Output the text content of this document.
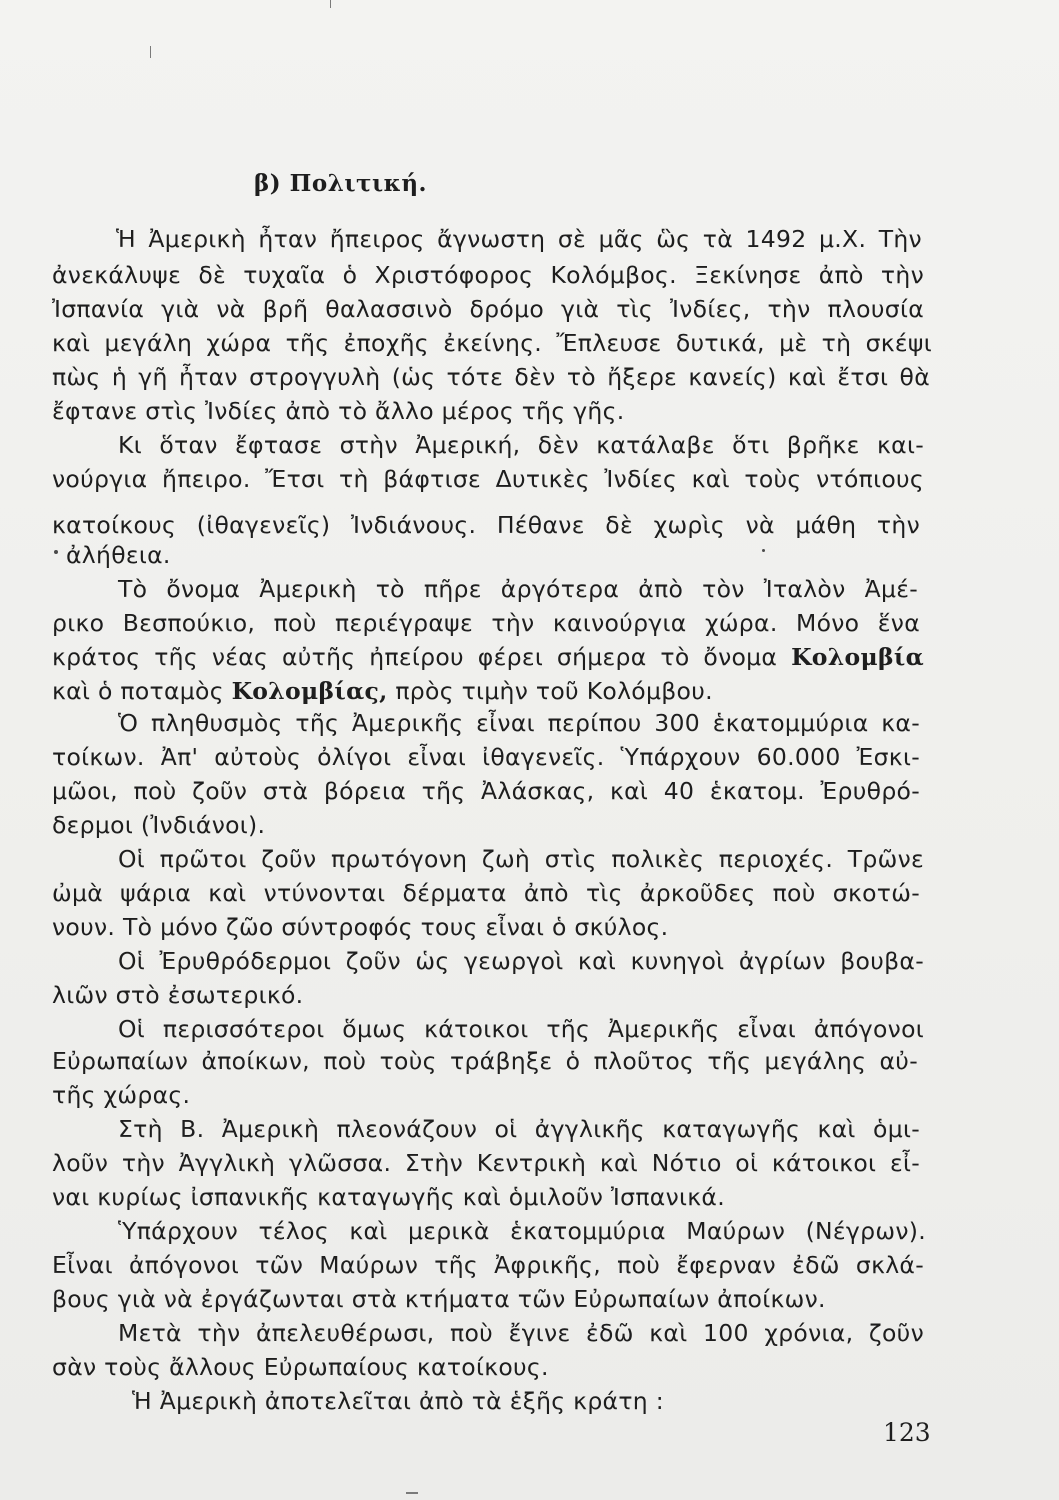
β) Πολιτική.
Ἡ Ἀμερικὴ ἦταν ἤπειρος ἄγνωστη σὲ μᾶς ὣς τὰ 1492 μ.Χ. Τὴν
ἀνεκάλυψε δὲ τυχαῖα ὁ Χριστόφορος Κολόμβος. Ξεκίνησε ἀπὸ τὴν
Ἰσπανία γιὰ νὰ βρῆ θαλασσινὸ δρόμο γιὰ τὶς Ἰνδίες, τὴν πλουσία
καὶ μεγάλη χώρα τῆς ἐποχῆς ἐκείνης. Ἔπλευσε δυτικά, μὲ τὴ σκέψι
πὼς ἡ γῆ ἦταν στρογγυλὴ (ὡς τότε δὲν τὸ ἤξερε κανείς) καὶ ἔτσι θὰ
ἔφτανε στὶς Ἰνδίες ἀπὸ τὸ ἄλλο μέρος τῆς γῆς.
Κι ὅταν ἔφτασε στὴν Ἀμερική, δὲν κατάλαβε ὅτι βρῆκε και-
νούργια ἤπειρο. Ἔτσι τὴ βάφτισε Δυτικὲς Ἰνδίες καὶ τοὺς ντόπιους
κατοίκους (ἰθαγενεῖς) Ἰνδιάνους. Πέθανε δὲ χωρὶς νὰ μάθη τὴν
ἀλήθεια.
Τὸ ὄνομα Ἀμερικὴ τὸ πῆρε ἀργότερα ἀπὸ τὸν Ἰταλὸν Ἀμέ-
ρικο Βεσπούκιο, ποὺ περιέγραψε τὴν καινούργια χώρα. Μόνο ἕνα
κράτος τῆς νέας αὐτῆς ἠπείρου φέρει σήμερα τὸ ὄνομα Κολομβία
καὶ ὁ ποταμὸς Κολομβίας, πρὸς τιμὴν τοῦ Κολόμβου.
Ὁ πληθυσμὸς τῆς Ἀμερικῆς εἶναι περίπου 300 ἑκατομμύρια κα-
τοίκων. Ἀπ' αὐτοὺς ὀλίγοι εἶναι ἰθαγενεῖς. Ὑπάρχουν 60.000 Ἐσκι-
μῶοι, ποὺ ζοῦν στὰ βόρεια τῆς Ἀλάσκας, καὶ 40 ἑκατομ. Ἐρυθρό-
δερμοι (Ἰνδιάνοι).
Οἱ πρῶτοι ζοῦν πρωτόγονη ζωὴ στὶς πολικὲς περιοχές. Τρῶνε
ὠμὰ ψάρια καὶ ντύνονται δέρματα ἀπὸ τὶς ἀρκοῦδες ποὺ σκοτώ-
νουν. Τὸ μόνο ζῶο σύντροφός τους εἶναι ὁ σκύλος.
Οἱ Ἐρυθρόδερμοι ζοῦν ὡς γεωργοὶ καὶ κυνηγοὶ ἀγρίων βουβα-
λιῶν στὸ ἐσωτερικό.
Οἱ περισσότεροι ὅμως κάτοικοι τῆς Ἀμερικῆς εἶναι ἀπόγονοι
Εὐρωπαίων ἀποίκων, ποὺ τοὺς τράβηξε ὁ πλοῦτος τῆς μεγάλης αὐ-
τῆς χώρας.
Στὴ Β. Ἀμερικὴ πλεονάζουν οἱ ἀγγλικῆς καταγωγῆς καὶ ὁμι-
λοῦν τὴν Ἀγγλικὴ γλῶσσα. Στὴν Κεντρικὴ καὶ Νότιο οἱ κάτοικοι εἶ-
ναι κυρίως ἰσπανικῆς καταγωγῆς καὶ ὁμιλοῦν Ἰσπανικά.
Ὑπάρχουν τέλος καὶ μερικὰ ἑκατομμύρια Μαύρων (Νέγρων).
Εἶναι ἀπόγονοι τῶν Μαύρων τῆς Ἀφρικῆς, ποὺ ἔφερναν ἐδῶ σκλά-
βους γιὰ νὰ ἐργάζωνται στὰ κτήματα τῶν Εὐρωπαίων ἀποίκων.
Μετὰ τὴν ἀπελευθέρωσι, ποὺ ἔγινε ἐδῶ καὶ 100 χρόνια, ζοῦν
σὰν τοὺς ἄλλους Εὐρωπαίους κατοίκους.
Ἡ Ἀμερικὴ ἀποτελεῖται ἀπὸ τὰ ἑξῆς κράτη :
123
